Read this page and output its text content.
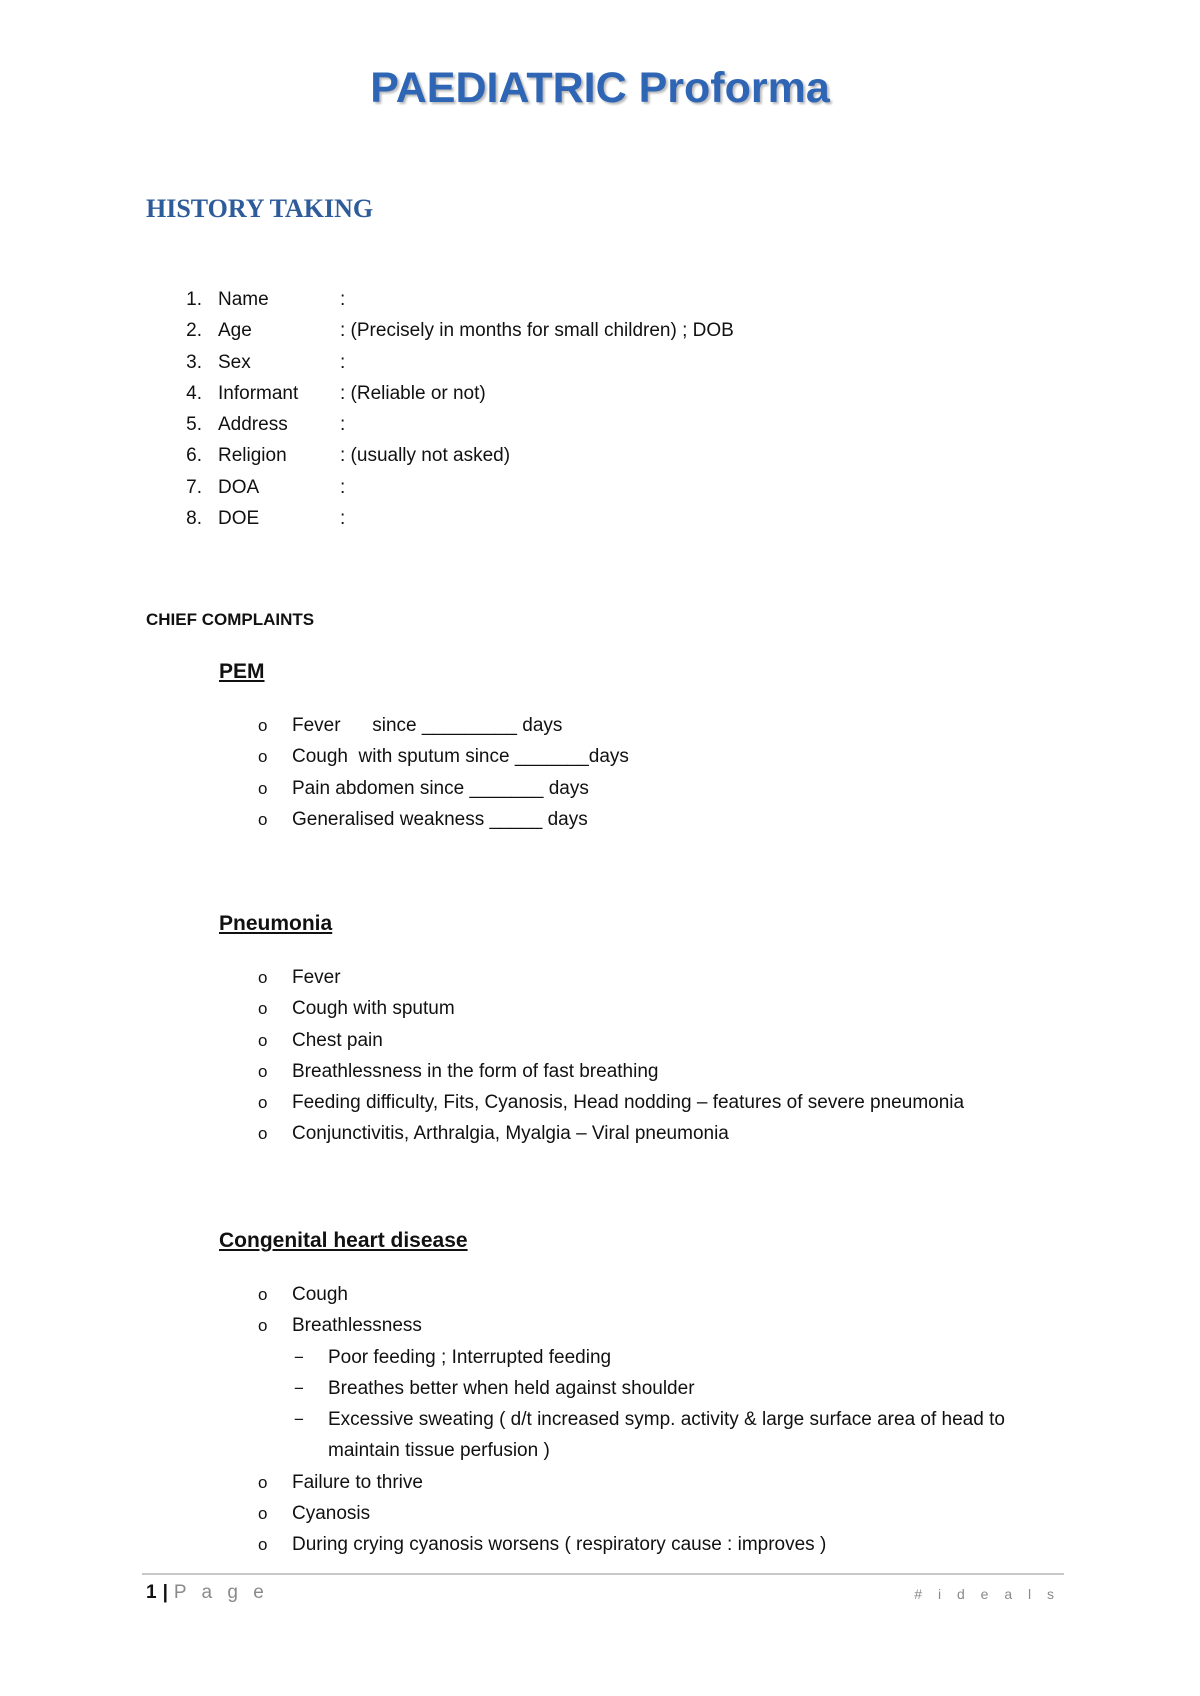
PAEDIATRIC Proforma
HISTORY TAKING
1. Name	:
2. Age	: (Precisely in months for small children) ; DOB
3. Sex	:
4. Informant : (Reliable or not)
5. Address	:
6. Religion	: (usually not asked)
7. DOA	:
8. DOE	:
CHIEF COMPLAINTS
PEM
o Fever      since _________ days
o Cough  with sputum since _______days
o Pain abdomen since _______ days
o Generalised weakness _____ days
Pneumonia
o Fever
o Cough with sputum
o Chest pain
o Breathlessness in the form of fast breathing
o Feeding difficulty, Fits, Cyanosis, Head nodding – features of severe pneumonia
o Conjunctivitis, Arthralgia, Myalgia – Viral pneumonia
Congenital heart disease
o Cough
o Breathlessness
− Poor feeding ; Interrupted feeding
− Breathes better when held against shoulder
− Excessive sweating ( d/t increased symp. activity & large surface area of head to maintain tissue perfusion )
o Failure to thrive
o Cyanosis
o During crying cyanosis worsens ( respiratory cause : improves )
1 | P a g e	# i d e a l s
